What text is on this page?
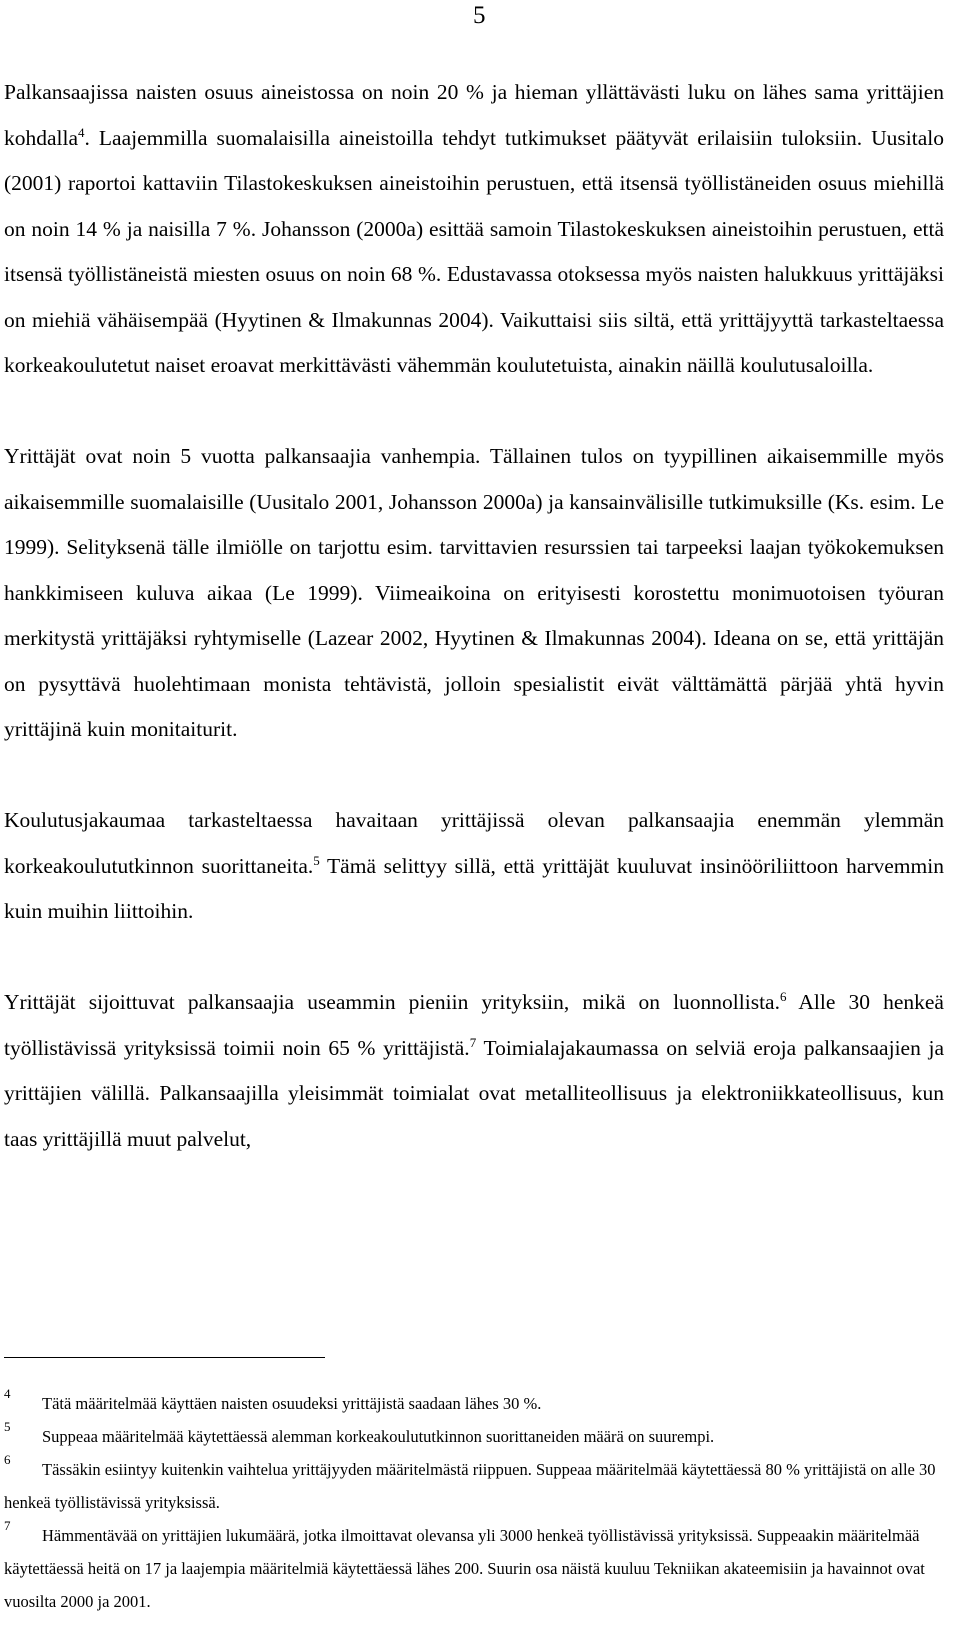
5

Palkansaajissa naisten osuus aineistossa on noin 20 % ja hieman yllättävästi luku on lähes sama yrittäjien kohdalla$^4$. Laajemmilla suomalaisilla aineistoilla tehdyt tutkimukset päätyvät erilaisiin tuloksiin. Uusitalo (2001) raportoi kattaviin Tilastokeskuksen aineistoihin perustuen, että itsensä työllistäneiden osuus miehillä on noin 14 % ja naisilla 7 %. Johansson (2000a) esittää samoin Tilastokeskuksen aineistoihin perustuen, että itsensä työllistäneistä miesten osuus on noin 68 %. Edustavassa otoksessa myös naisten halukkuus yrittäjäksi on miehiä vähäisempää (Hyytinen & Ilmakunnas 2004). Vaikuttaisi siis siltä, että yrittäjyyttä tarkasteltaessa korkeakoulutetut naiset eroavat merkittävästi vähemmän koulutetuista, ainakin näillä koulutusaloilla.

Yrittäjät ovat noin 5 vuotta palkansaajia vanhempia. Tällainen tulos on tyypillinen aikaisemmille myös aikaisemmille suomalaisille (Uusitalo 2001, Johansson 2000a) ja kansainvälisille tutkimuksille (Ks. esim. Le 1999). Selityksenä tälle ilmiölle on tarjottu esim. tarvittavien resurssien tai tarpeeksi laajan työkokemuksen hankkimiseen kuluva aikaa (Le 1999). Viimeaikoina on erityisesti korostettu monimuotoisen työuran merkitystä yrittäjäksi ryhtymiselle (Lazear 2002, Hyytinen & Ilmakunnas 2004). Ideana on se, että yrittäjän on pysyttävä huolehtimaan monista tehtävistä, jolloin spesialistit eivät välttämättä pärjää yhtä hyvin yrittäjinä kuin monitaiturit.

Koulutusjakaumaa tarkasteltaessa havaitaan yrittäjissä olevan palkansaajia enemmän ylemmän korkeakoulututkinnon suorittaneita.$^5$ Tämä selittyy sillä, että yrittäjät kuuluvat insinööriliittoon harvemmin kuin muihin liittoihin.

Yrittäjät sijoittuvat palkansaajia useammin pieniin yrityksiin, mikä on luonnollista.$^6$ Alle 30 henkeä työllistävissä yrityksissä toimii noin 65 % yrittäjistä.$^7$ Toimialajakaumassa on selviä eroja palkansaajien ja yrittäjien välillä. Palkansaajilla yleisimmät toimialat ovat metalliteollisuus ja elektroniikkateollisuus, kun taas yrittäjillä muut palvelut,

4
Tätä määritelmää käyttäen naisten osuudeksi yrittäjistä saadaan lähes 30 %.

5
Suppeaa määritelmää käytettäessä alemman korkeakoulututkinnon suorittaneiden määrä on suurempi.

6
Tässäkin esiintyy kuitenkin vaihtelua yrittäjyyden määritelmästä riippuen. Suppeaa määritelmää käytettäessä 80 % yrittäjistä on alle 30 henkeä työllistävissä yrityksissä.

7
Hämmentävää on yrittäjien lukumäärä, jotka ilmoittavat olevansa yli 3000 henkeä työllistävissä yrityksissä. Suppeaakin määritelmää käytettäessä heitä on 17 ja laajempia määritelmiä käytettäessä lähes 200. Suurin osa näistä kuuluu Tekniikan akateemisiin ja havainnot ovat vuosilta 2000 ja 2001.
